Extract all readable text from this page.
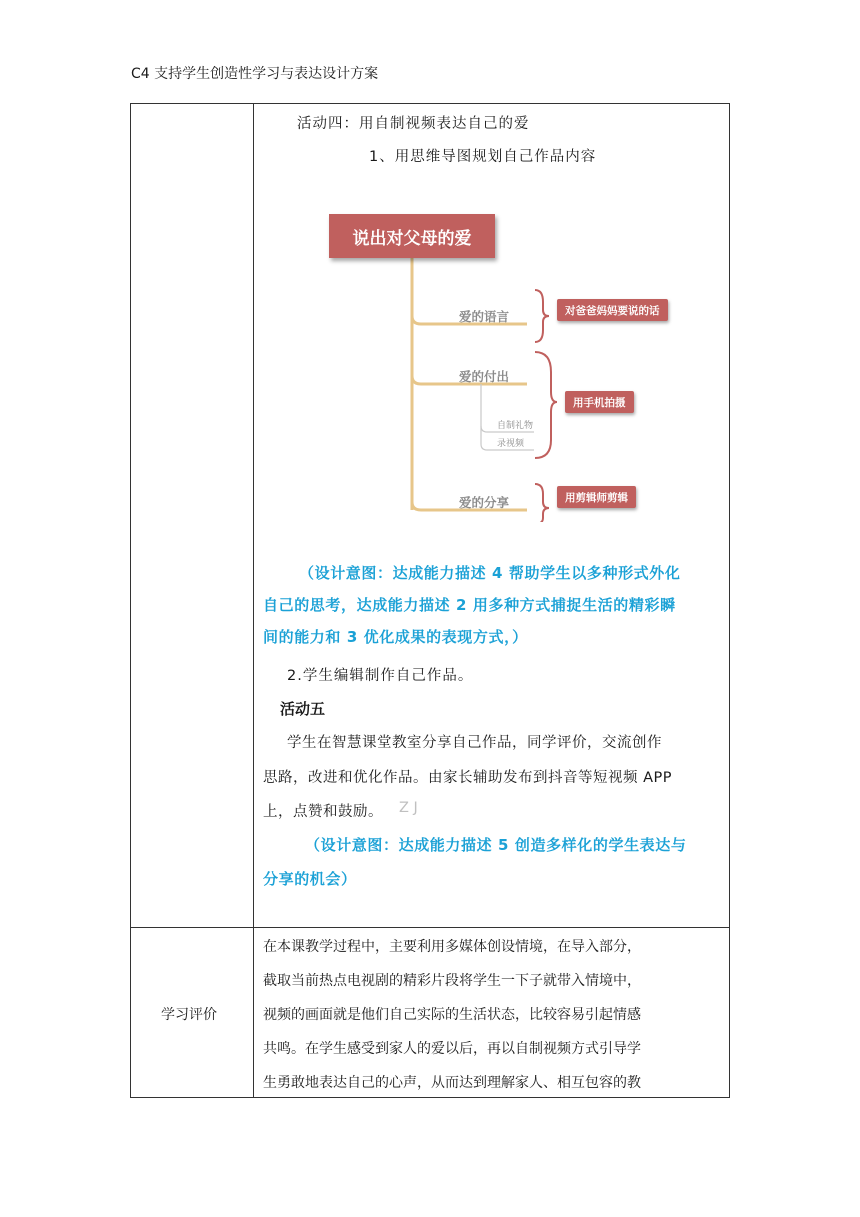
C4 支持学生创造性学习与表达设计方案
活动四：用自制视频表达自己的爱
1、用思维导图规划自己作品内容
说出对父母的爱
爱的语言	对爸爸妈妈要说的话
爱的付出
自制礼物
录视频
用手机拍摄
爱的分享	用剪辑师剪辑
（设计意图：达成能力描述 4 帮助学生以多种形式外化
自己的思考，达成能力描述 2 用多种方式捕捉生活的精彩瞬
间的能力和 3 优化成果的表现方式，）
2.学生编辑制作自己作品。
活动五
学生在智慧课堂教室分享自己作品，同学评价，交流创作
思路，改进和优化作品。由家长辅助发布到抖音等短视频 APP
上，点赞和鼓励。 Z J
（设计意图：达成能力描述 5 创造多样化的学生表达与
分享的机会）
学习评价
在本课教学过程中，主要利用多媒体创设情境，在导入部分，
截取当前热点电视剧的精彩片段将学生一下子就带入情境中，
视频的画面就是他们自己实际的生活状态，比较容易引起情感
共鸣。在学生感受到家人的爱以后，再以自制视频方式引导学
生勇敢地表达自己的心声，从而达到理解家人、相互包容的教
